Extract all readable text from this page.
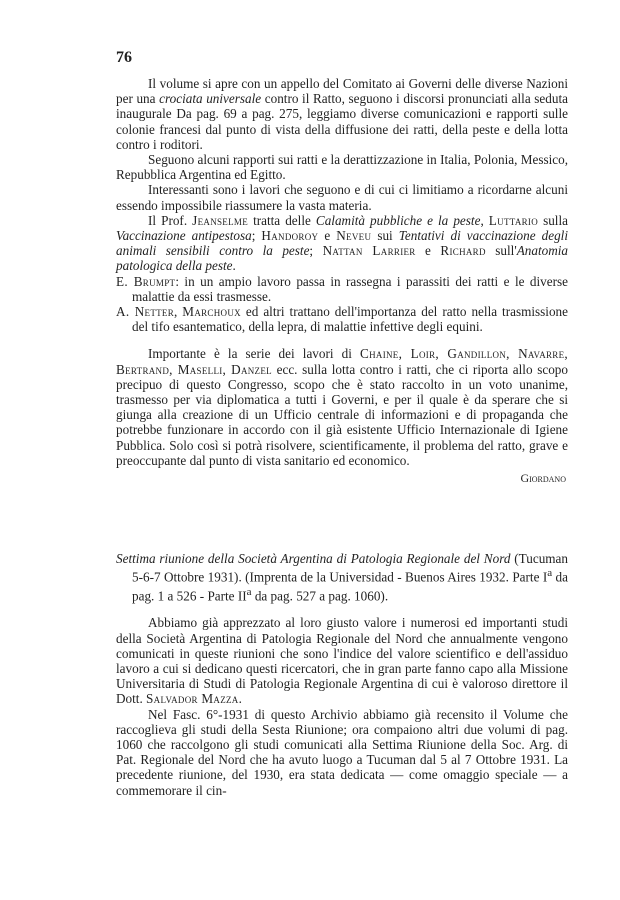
76

Il volume si apre con un appello del Comitato ai Governi delle diverse Nazioni per una crociata universale contro il Ratto, seguono i discorsi pronunciati alla seduta inaugurale Da pag. 69 a pag. 275, leggiamo diverse comunicazioni e rapporti sulle colonie francesi dal punto di vista della diffusione dei ratti, della peste e della lotta contro i roditori.

Seguono alcuni rapporti sui ratti e la derattizzazione in Italia, Polonia, Messico, Repubblica Argentina ed Egitto.

Interessanti sono i lavori che seguono e di cui ci limitiamo a ricordarne alcuni essendo impossibile riassumere la vasta materia.

Il Prof. Jeanselme tratta delle Calamità pubbliche e la peste, Luttario sulla Vaccinazione antipestosa; Handoroy e Neveu sui Tentativi di vaccinazione degli animali sensibili contro la peste; Nattan Larrier e Richard sull'Anatomia patologica della peste.

E. Brumpt: in un ampio lavoro passa in rassegna i parassiti dei ratti e le diverse malattie da essi trasmesse.

A. Netter, Marchoux ed altri trattano dell'importanza del ratto nella trasmissione del tifo esantematico, della lepra, di malattie infettive degli equini.

Importante è la serie dei lavori di Chaine, Loir, Gandillon, Navarre, Bertrand, Maselli, Danzel ecc. sulla lotta contro i ratti, che ci riporta allo scopo precipuo di questo Congresso, scopo che è stato raccolto in un voto unanime, trasmesso per via diplomatica a tutti i Governi, e per il quale è da sperare che si giunga alla creazione di un Ufficio centrale di informazioni e di propaganda che potrebbe funzionare in accordo con il già esistente Ufficio Internazionale di Igiene Pubblica. Solo così si potrà risolvere, scientificamente, il problema del ratto, grave e preoccupante dal punto di vista sanitario ed economico.

Giordano

Settima riunione della Società Argentina di Patologia Regionale del Nord (Tucuman 5-6-7 Ottobre 1931). (Imprenta de la Universidad - Buenos Aires 1932. Parte $I^a$ da pag. 1 a 526 - Parte $II^a$ da pag. 527 a pag. 1060).

Abbiamo già apprezzato al loro giusto valore i numerosi ed importanti studi della Società Argentina di Patologia Regionale del Nord che annualmente vengono comunicati in queste riunioni che sono l'indice del valore scientifico e dell'assiduo lavoro a cui si dedicano questi ricercatori, che in gran parte fanno capo alla Missione Universitaria di Studi di Patologia Regionale Argentina di cui è valoroso direttore il Dott. Salvador Mazza.

Nel Fasc. 6°-1931 di questo Archivio abbiamo già recensito il Volume che raccoglieva gli studi della Sesta Riunione; ora compaiono altri due volumi di pag. 1060 che raccolgono gli studi comunicati alla Settima Riunione della Soc. Arg. di Pat. Regionale del Nord che ha avuto luogo a Tucuman dal 5 al 7 Ottobre 1931. La precedente riunione, del 1930, era stata dedicata — come omaggio speciale — a commemorare il cin-
